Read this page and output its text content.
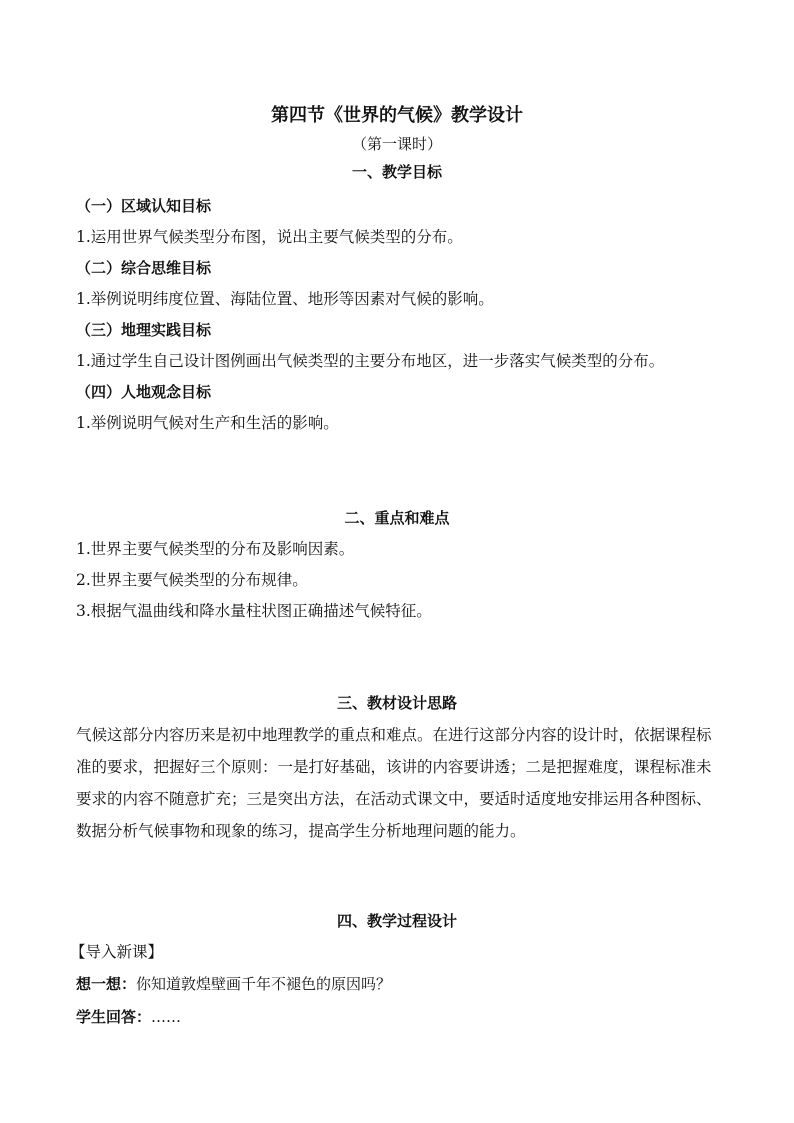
第四节《世界的气候》教学设计
（第一课时）
一、教学目标
（一）区域认知目标
1.运用世界气候类型分布图，说出主要气候类型的分布。
（二）综合思维目标
1.举例说明纬度位置、海陆位置、地形等因素对气候的影响。
（三）地理实践目标
1.通过学生自己设计图例画出气候类型的主要分布地区，进一步落实气候类型的分布。
（四）人地观念目标
1.举例说明气候对生产和生活的影响。
二、重点和难点
1.世界主要气候类型的分布及影响因素。
2.世界主要气候类型的分布规律。
3.根据气温曲线和降水量柱状图正确描述气候特征。
三、教材设计思路
气候这部分内容历来是初中地理教学的重点和难点。在进行这部分内容的设计时，依据课程标
准的要求，把握好三个原则：一是打好基础，该讲的内容要讲透；二是把握难度，课程标准未
要求的内容不随意扩充；三是突出方法，在活动式课文中，要适时适度地安排运用各种图标、
数据分析气候事物和现象的练习，提高学生分析地理问题的能力。
四、教学过程设计
【导入新课】
想一想：你知道敦煌壁画千年不褪色的原因吗？
学生回答：……
